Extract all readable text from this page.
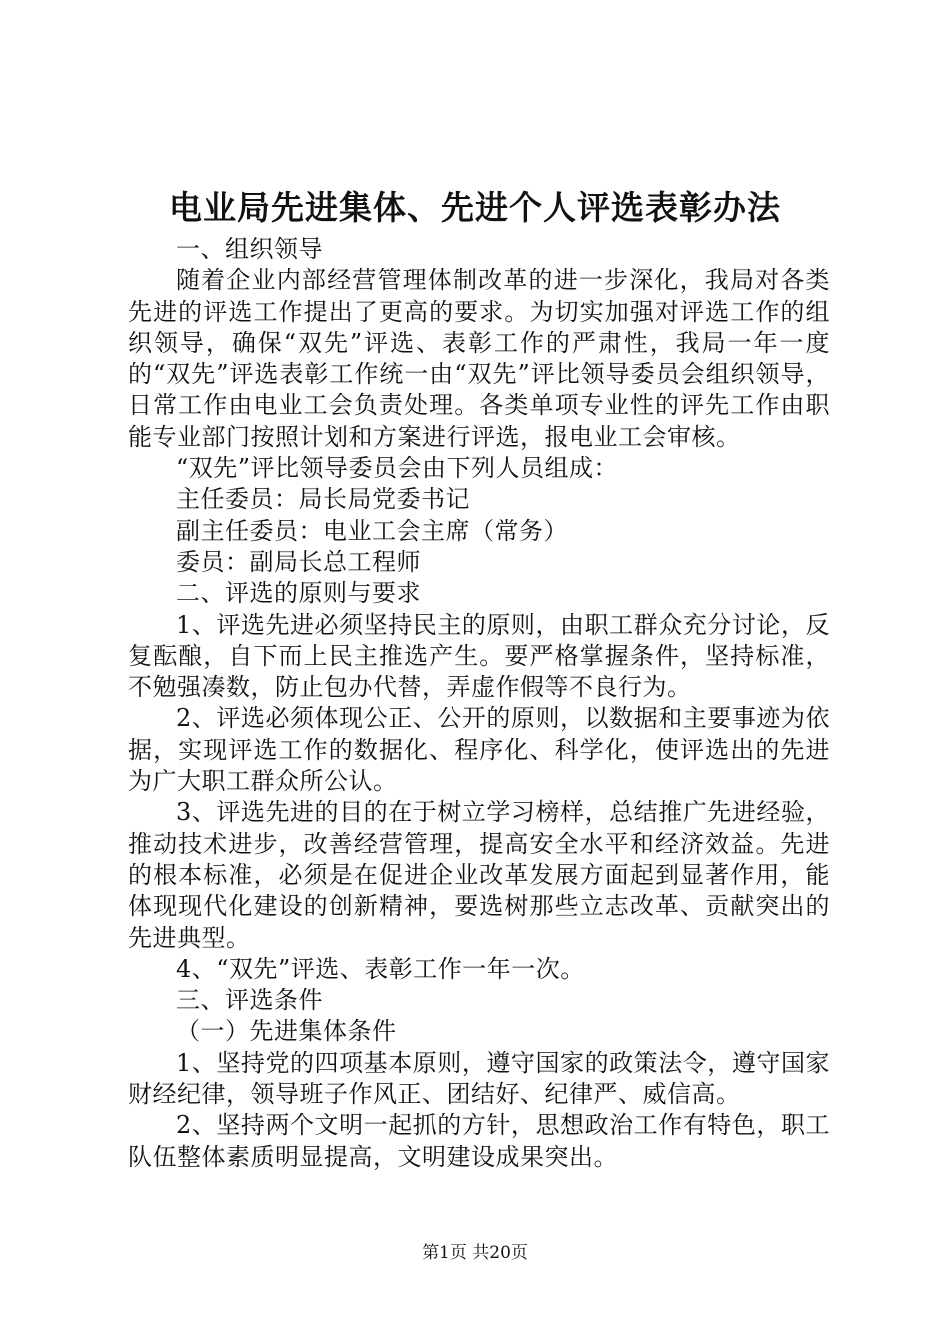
电业局先进集体、先进个人评选表彰办法

一、组织领导

随着企业内部经营管理体制改革的进一步深化，我局对各类先进的评选工作提出了更高的要求。为切实加强对评选工作的组织领导，确保“双先”评选、表彰工作的严肃性，我局一年一度的“双先”评选表彰工作统一由“双先”评比领导委员会组织领导，日常工作由电业工会负责处理。各类单项专业性的评先工作由职能专业部门按照计划和方案进行评选，报电业工会审核。

“双先”评比领导委员会由下列人员组成：

主任委员：局长局党委书记

副主任委员：电业工会主席（常务）

委员：副局长总工程师

二、评选的原则与要求

1、评选先进必须坚持民主的原则，由职工群众充分讨论，反复酝酿，自下而上民主推选产生。要严格掌握条件，坚持标准，不勉强凑数，防止包办代替，弄虚作假等不良行为。

2、评选必须体现公正、公开的原则，以数据和主要事迹为依据，实现评选工作的数据化、程序化、科学化，使评选出的先进为广大职工群众所公认。

3、评选先进的目的在于树立学习榜样，总结推广先进经验，推动技术进步，改善经营管理，提高安全水平和经济效益。先进的根本标准，必须是在促进企业改革发展方面起到显著作用，能体现现代化建设的创新精神，要选树那些立志改革、贡献突出的先进典型。

4、“双先”评选、表彰工作一年一次。

三、评选条件

（一）先进集体条件

1、坚持党的四项基本原则，遵守国家的政策法令，遵守国家财经纪律，领导班子作风正、团结好、纪律严、威信高。

2、坚持两个文明一起抓的方针，思想政治工作有特色，职工队伍整体素质明显提高，文明建设成果突出。

第1页 共20页
